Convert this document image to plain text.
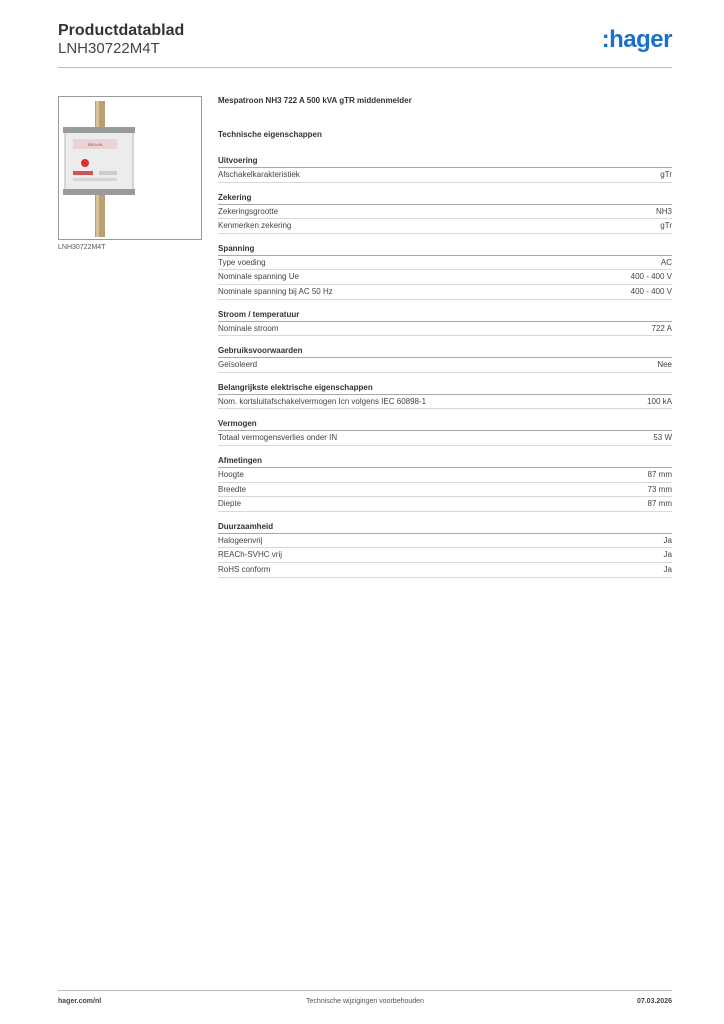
Productdatablad
LNH30722M4T	:hager
500 kVA
LNH30722M4T
Mespatroon NH3 722 A 500 kVA gTR middenmelder
Technische eigenschappen
Uitvoering
Afschakelkarakteristiek	gTr
Zekering
Zekeringsgrootte	NH3
Kenmerken zekering	gTr
Spanning
Type voeding	AC
Nominale spanning Ue	400 - 400 V
Nominale spanning bij AC 50 Hz	400 - 400 V
Stroom / temperatuur
Nominale stroom	722 A
Gebruiksvoorwaarden
Geïsoleerd	Nee
Belangrijkste elektrische eigenschappen
Nom. kortsluitafschakelvermogen Icn volgens IEC 60898-1	100 kA
Vermogen
Totaal vermogensverlies onder IN	53 W
Afmetingen
Hoogte	87 mm
Breedte	73 mm
Diepte	87 mm
Duurzaamheid
Halogeenvrij	Ja
REACh-SVHC vrij	Ja
RoHS conform	Ja
hager.com/nl	Technische wijzigingen voorbehouden	07.03.2026
